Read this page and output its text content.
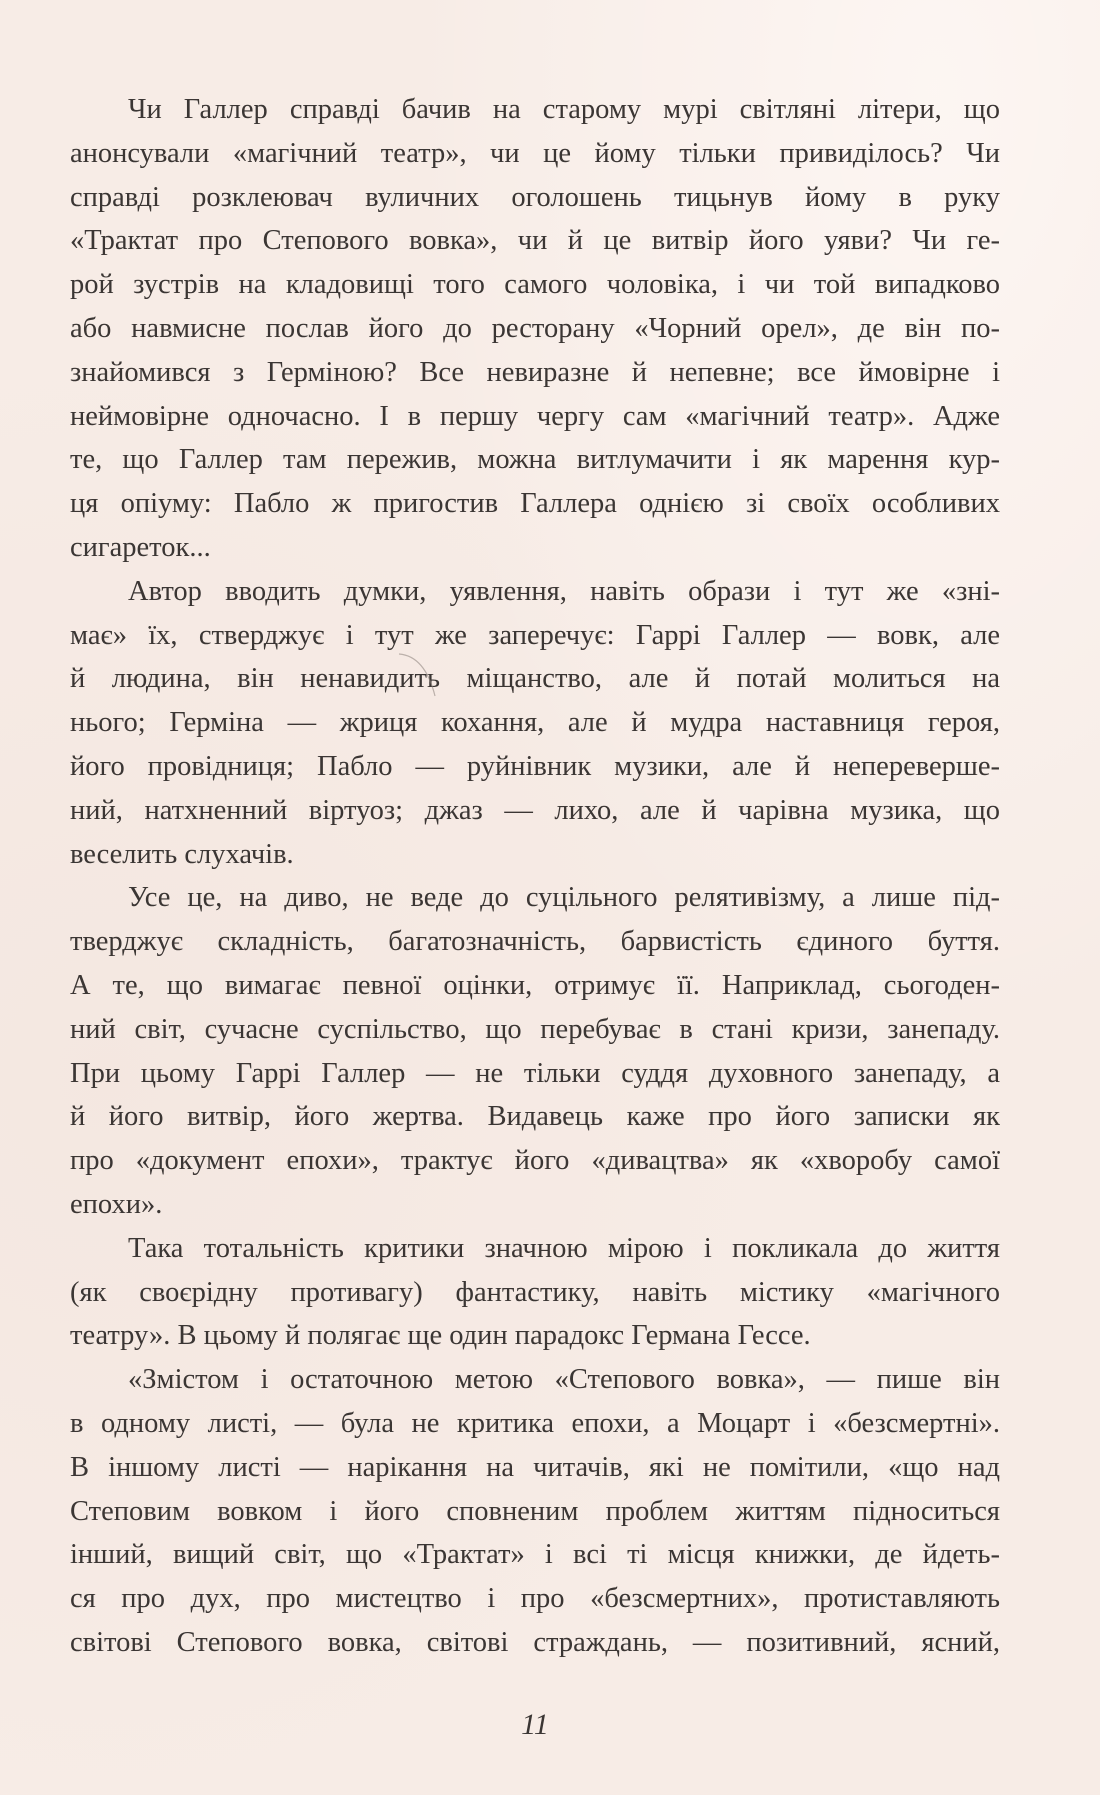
Чи Галлер справді бачив на старому мурі світляні літери, що
анонсували «магічний театр», чи це йому тільки привиділось? Чи
справді розклеювач вуличних оголошень тицьнув йому в руку
«Трактат про Степового вовка», чи й це витвір його уяви? Чи ге-
рой зустрів на кладовищі того самого чоловіка, і чи той випадково
або навмисне послав його до ресторану «Чорний орел», де він по-
знайомився з Герміною? Все невиразне й непевне; все ймовірне і
неймовірне одночасно. І в першу чергу сам «магічний театр». Адже
те, що Галлер там пережив, можна витлумачити і як марення кур-
ця опіуму: Пабло ж пригостив Галлера однією зі своїх особливих
сигареток...
Автор вводить думки, уявлення, навіть образи і тут же «зні-
має» їх, стверджує і тут же заперечує: Гаррі Галлер — вовк, але
й людина, він ненавидить міщанство, але й потай молиться на
нього; Герміна — жриця кохання, але й мудра наставниця героя,
його провідниця; Пабло — руйнівник музики, але й неперевершe-
ний, натхненний віртуоз; джаз — лихо, але й чарівна музика, що
веселить слухачів.
Усе це, на диво, не веде до суцільного релятивізму, а лише під-
тверджує складність, багатозначність, барвистість єдиного буття.
А те, що вимагає певної оцінки, отримує її. Наприклад, сьогоден-
ний світ, сучасне суспільство, що перебуває в стані кризи, занепаду.
При цьому Гаррі Галлер — не тільки суддя духовного занепаду, а
й його витвір, його жертва. Видавець каже про його записки як
про «документ епохи», трактує його «дивацтва» як «хворобу самої
епохи».
Така тотальність критики значною мірою і покликала до життя
(як своєрідну противагу) фантастику, навіть містику «магічного
театру». В цьому й полягає ще один парадокс Германа Гессе.
«Змістом і остаточною метою «Степового вовка», — пише він
в одному листі, — була не критика епохи, а Моцарт і «безсмертні».
В іншому листі — нарікання на читачів, які не помітили, «що над
Степовим вовком і його сповненим проблем життям підноситься
інший, вищий світ, що «Трактат» і всі ті місця книжки, де йдеть-
ся про дух, про мистецтво і про «безсмертних», протиставляють
світові Степового вовка, світові страждань, — позитивний, ясний,
11
